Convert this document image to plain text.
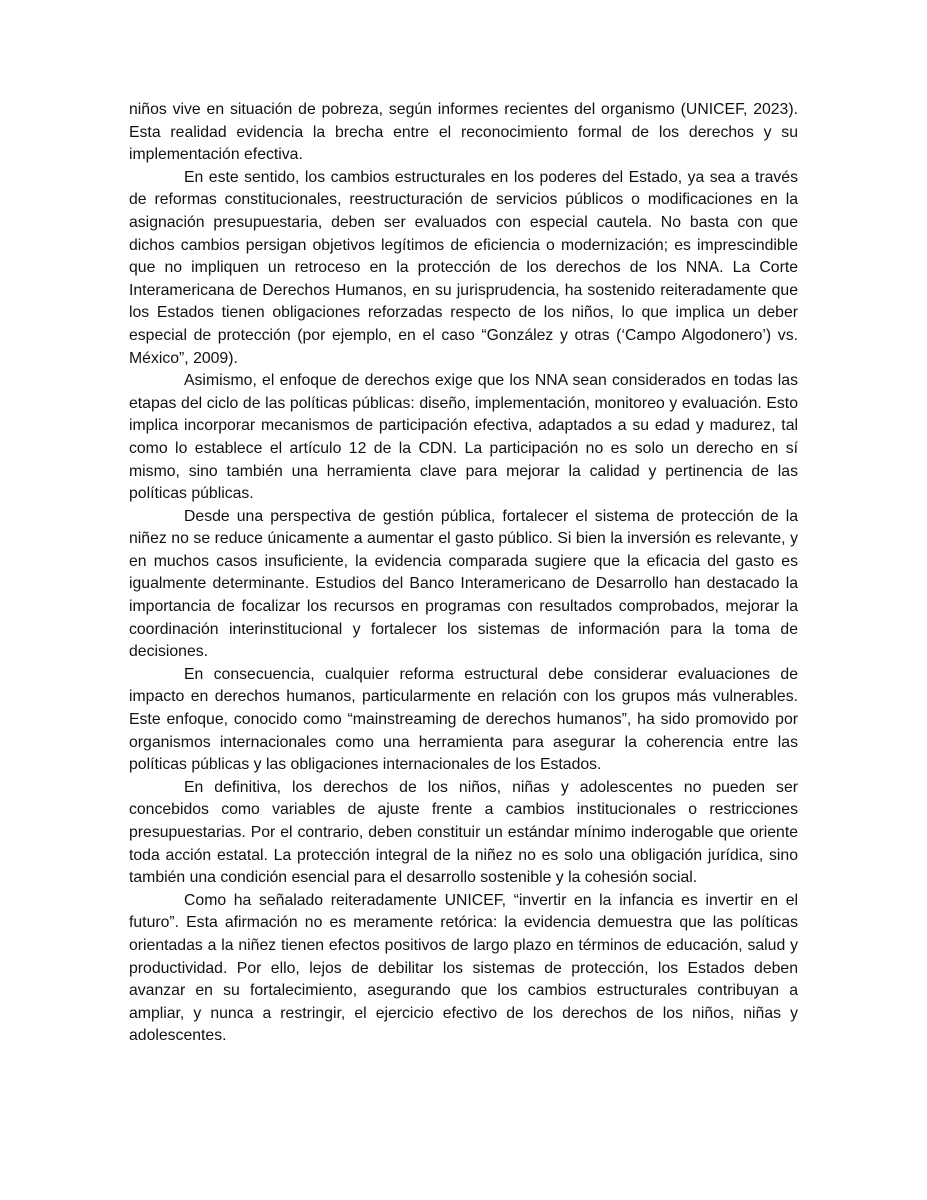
niños vive en situación de pobreza, según informes recientes del organismo (UNICEF, 2023). Esta realidad evidencia la brecha entre el reconocimiento formal de los derechos y su implementación efectiva.

En este sentido, los cambios estructurales en los poderes del Estado, ya sea a través de reformas constitucionales, reestructuración de servicios públicos o modificaciones en la asignación presupuestaria, deben ser evaluados con especial cautela. No basta con que dichos cambios persigan objetivos legítimos de eficiencia o modernización; es imprescindible que no impliquen un retroceso en la protección de los derechos de los NNA. La Corte Interamericana de Derechos Humanos, en su jurisprudencia, ha sostenido reiteradamente que los Estados tienen obligaciones reforzadas respecto de los niños, lo que implica un deber especial de protección (por ejemplo, en el caso “González y otras (‘Campo Algodonero’) vs. México”, 2009).

Asimismo, el enfoque de derechos exige que los NNA sean considerados en todas las etapas del ciclo de las políticas públicas: diseño, implementación, monitoreo y evaluación. Esto implica incorporar mecanismos de participación efectiva, adaptados a su edad y madurez, tal como lo establece el artículo 12 de la CDN. La participación no es solo un derecho en sí mismo, sino también una herramienta clave para mejorar la calidad y pertinencia de las políticas públicas.

Desde una perspectiva de gestión pública, fortalecer el sistema de protección de la niñez no se reduce únicamente a aumentar el gasto público. Si bien la inversión es relevante, y en muchos casos insuficiente, la evidencia comparada sugiere que la eficacia del gasto es igualmente determinante. Estudios del Banco Interamericano de Desarrollo han destacado la importancia de focalizar los recursos en programas con resultados comprobados, mejorar la coordinación interinstitucional y fortalecer los sistemas de información para la toma de decisiones.

En consecuencia, cualquier reforma estructural debe considerar evaluaciones de impacto en derechos humanos, particularmente en relación con los grupos más vulnerables. Este enfoque, conocido como “mainstreaming de derechos humanos”, ha sido promovido por organismos internacionales como una herramienta para asegurar la coherencia entre las políticas públicas y las obligaciones internacionales de los Estados.

En definitiva, los derechos de los niños, niñas y adolescentes no pueden ser concebidos como variables de ajuste frente a cambios institucionales o restricciones presupuestarias. Por el contrario, deben constituir un estándar mínimo inderogable que oriente toda acción estatal. La protección integral de la niñez no es solo una obligación jurídica, sino también una condición esencial para el desarrollo sostenible y la cohesión social.

Como ha señalado reiteradamente UNICEF, “invertir en la infancia es invertir en el futuro”. Esta afirmación no es meramente retórica: la evidencia demuestra que las políticas orientadas a la niñez tienen efectos positivos de largo plazo en términos de educación, salud y productividad. Por ello, lejos de debilitar los sistemas de protección, los Estados deben avanzar en su fortalecimiento, asegurando que los cambios estructurales contribuyan a ampliar, y nunca a restringir, el ejercicio efectivo de los derechos de los niños, niñas y adolescentes.
